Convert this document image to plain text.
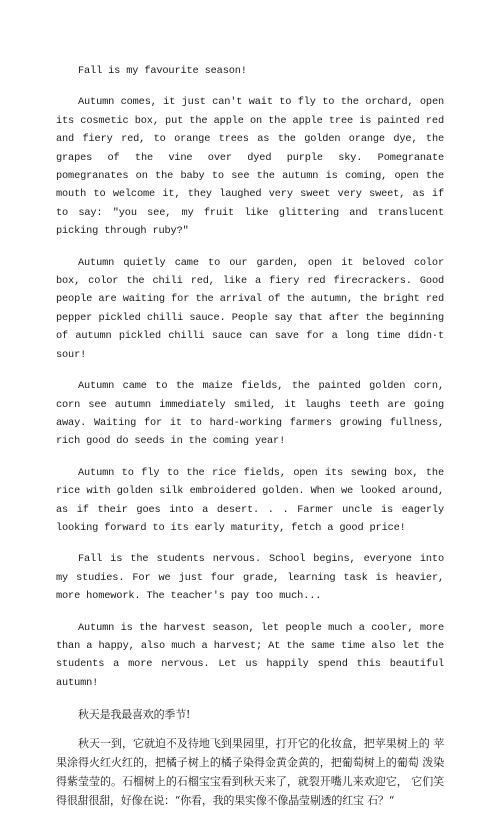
Fall is my favourite season!

Autumn comes, it just can't wait to fly to the orchard, open its cosmetic box, put the apple on the apple tree is painted red and fiery red, to orange trees as the golden orange dye, the grapes of the vine over dyed purple sky. Pomegranate pomegranates on the baby to see the autumn is coming, open the mouth to welcome it, they laughed very sweet very sweet, as if to say: "you see, my fruit like glittering and translucent picking through ruby?"

Autumn quietly came to our garden, open it beloved color box, color the chili red, like a fiery red firecrackers. Good people are waiting for the arrival of the autumn, the bright red pepper pickled chilli sauce. People say that after the beginning of autumn pickled chilli sauce can save for a long time didn·t sour!

Autumn came to the maize fields, the painted golden corn, corn see autumn immediately smiled, it laughs teeth are going away. Waiting for it to hard-working farmers growing fullness, rich good do seeds in the coming year!

Autumn to fly to the rice fields, open its sewing box, the rice with golden silk embroidered golden. When we looked around, as if their goes into a desert. . . Farmer uncle is eagerly looking forward to its early maturity, fetch a good price!

Fall is the students nervous. School begins, everyone into my studies. For we just four grade, learning task is heavier, more homework. The teacher's pay too much...

Autumn is the harvest season, let people much a cooler, more than a happy, also much a harvest; At the same time also let the students a more nervous. Let us happily spend this beautiful autumn!

秋天是我最喜欢的季节!

秋天一到，它就迫不及待地飞到果园里，打开它的化妆盒，把苹果树上的 苹果涂得火红火红的，把橘子树上的橘子染得金黄金黄的，把葡萄树上的葡萄 泼染得紫莹莹的。石榴树上的石榴宝宝看到秋天来了，就裂开嘴儿来欢迎它， 它们笑得很甜很甜，好像在说：“你看，我的果实像不像晶莹剔透的红宝 石？“
